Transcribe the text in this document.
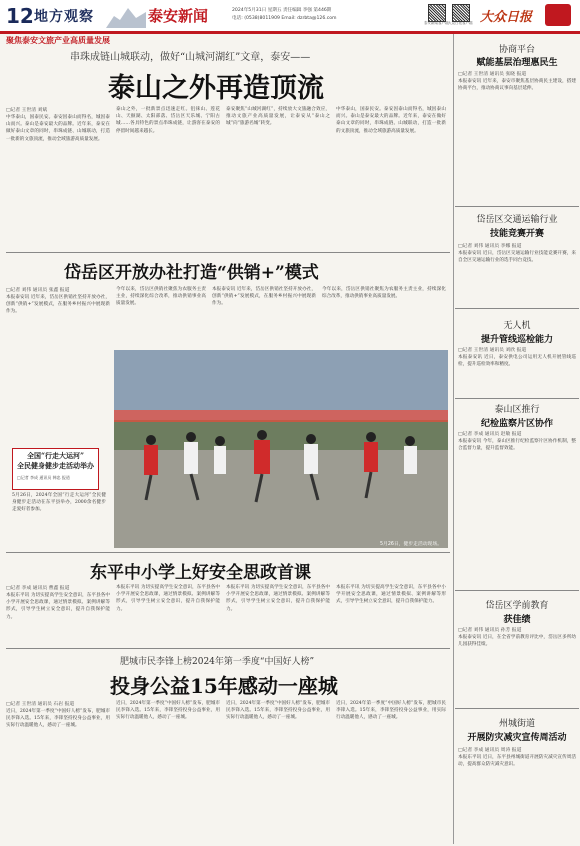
12 地方观察	泰安新闻	2024年5月31日 星期五 责任编辑 李强 第446期
电话: (0538)8011909 Email: dzrbta@126.com
泰安新闻客户端 大众日报客户端 大众日报
聚焦泰安文旅产业高质量发展
串珠成链山城联动，做好“山城河湖红”文章，泰安——
泰山之外再造顶流
□记者 王世清 刘斌
中华泰山，国泰民安。泰安因泰山而得名，城因泰山而兴。泰山是泰安最大的品牌。近年来，泰安在做好泰山文章的同时，串珠成链、山城联动，打造一批新的文旅顶流，推动全域旅游高质量发展。
泰山之外，一批新景点迅速走红。徂徕山、莲花山、天颐湖、太阳部落、岱岳区天乐城、宁阳古城……各具特色的景点串珠成链，让游客在泰安的停留时间越来越长。
泰安聚焦“山城河湖红”，持续放大文旅融合效应，推动文旅产业高质量发展，让泰安从“泰山之城”向“旅游名城”转变。
中华泰山，国泰民安。泰安因泰山而得名，城因泰山而兴。泰山是泰安最大的品牌。近年来，泰安在做好泰山文章的同时，串珠成链、山城联动，打造一批新的文旅顶流，推动全域旅游高质量发展。
岱岳区开放办社打造“供销+”模式
□记者 刘伟 通讯员 张鑫 报道
本报泰安讯 近年来，岱岳区供销社坚持开放办社，创新“供销+”发展模式，在服务乡村振兴中展现新作为。
今年以来，岱岳区供销社聚焦为农服务主责主业，持续深化综合改革，推动供销事业高质量发展。
本报泰安讯 近年来，岱岳区供销社坚持开放办社，创新“供销+”发展模式，在服务乡村振兴中展现新作为。
今年以来，岱岳区供销社聚焦为农服务主责主业，持续深化综合改革，推动供销事业高质量发展。
全国“行走大运河”
全民健身健步走活动举办
□记者 李成 通讯员 韩忠 报道
5月26日，2024年全国“行走大运河”全民健身健步走活动在东平县举办，2000余名健步走爱好者参加。
5月26日，健步走活动现场。
东平中小学上好安全思政首课
□记者 李成 通讯员 曹鑫 报道
本报东平讯 为切实提高学生安全意识，东平县各中小学开展安全思政课，通过情景模拟、案例讲解等形式，引导学生树立安全意识，提升自我保护能力。
本报东平讯 为切实提高学生安全意识，东平县各中小学开展安全思政课，通过情景模拟、案例讲解等形式，引导学生树立安全意识，提升自我保护能力。
本报东平讯 为切实提高学生安全意识，东平县各中小学开展安全思政课，通过情景模拟、案例讲解等形式，引导学生树立安全意识，提升自我保护能力。
本报东平讯 为切实提高学生安全意识，东平县各中小学开展安全思政课，通过情景模拟、案例讲解等形式，引导学生树立安全意识，提升自我保护能力。
肥城市民李锋上榜2024年第一季度“中国好人榜”
投身公益15年感动一座城
□记者 王世清 通讯员 石岩 报道
近日，2024年第一季度“中国好人榜”发布，肥城市民李锋入选。15年来，李锋坚持投身公益事业，用实际行动温暖他人，感动了一座城。
近日，2024年第一季度“中国好人榜”发布，肥城市民李锋入选。15年来，李锋坚持投身公益事业，用实际行动温暖他人，感动了一座城。
近日，2024年第一季度“中国好人榜”发布，肥城市民李锋入选。15年来，李锋坚持投身公益事业，用实际行动温暖他人，感动了一座城。
近日，2024年第一季度“中国好人榜”发布，肥城市民李锋入选。15年来，李锋坚持投身公益事业，用实际行动温暖他人，感动了一座城。
协商平台
赋能基层治理惠民生
□记者 王世清 通讯员 张晓 报道
本报泰安讯 近年来，泰安市聚焦基层协商民主建设，搭建协商平台，推动协商议事向基层延伸。
岱岳区交通运输行业
技能竞赛开赛
□记者 刘伟 通讯员 李娜 报道
本报泰安讯 近日，岱岳区交通运输行业技能竞赛开赛，来自全区交通运输行业的选手同台竞技。
无人机
提升管线巡检能力
□记者 王世清 通讯员 刘欣 报道
本报泰安讯 近日，泰安供电公司运用无人机开展管线巡检，提升巡检效率和精度。
泰山区推行
纪检监察片区协作
□记者 李成 通讯员 赵敏 报道
本报泰安讯 今年，泰山区推行纪检监察片区协作机制，整合监督力量，提升监督效能。
岱岳区学前教育
获佳绩
□记者 刘伟 通讯员 孙芳 报道
本报泰安讯 近日，在全省学前教育评比中，岱岳区多所幼儿园获得佳绩。
州城街道
开展防灾减灾宣传周活动
□记者 李成 通讯员 周涛 报道
本报东平讯 近日，东平县州城街道开展防灾减灾宣传周活动，提高群众防灾减灾意识。
